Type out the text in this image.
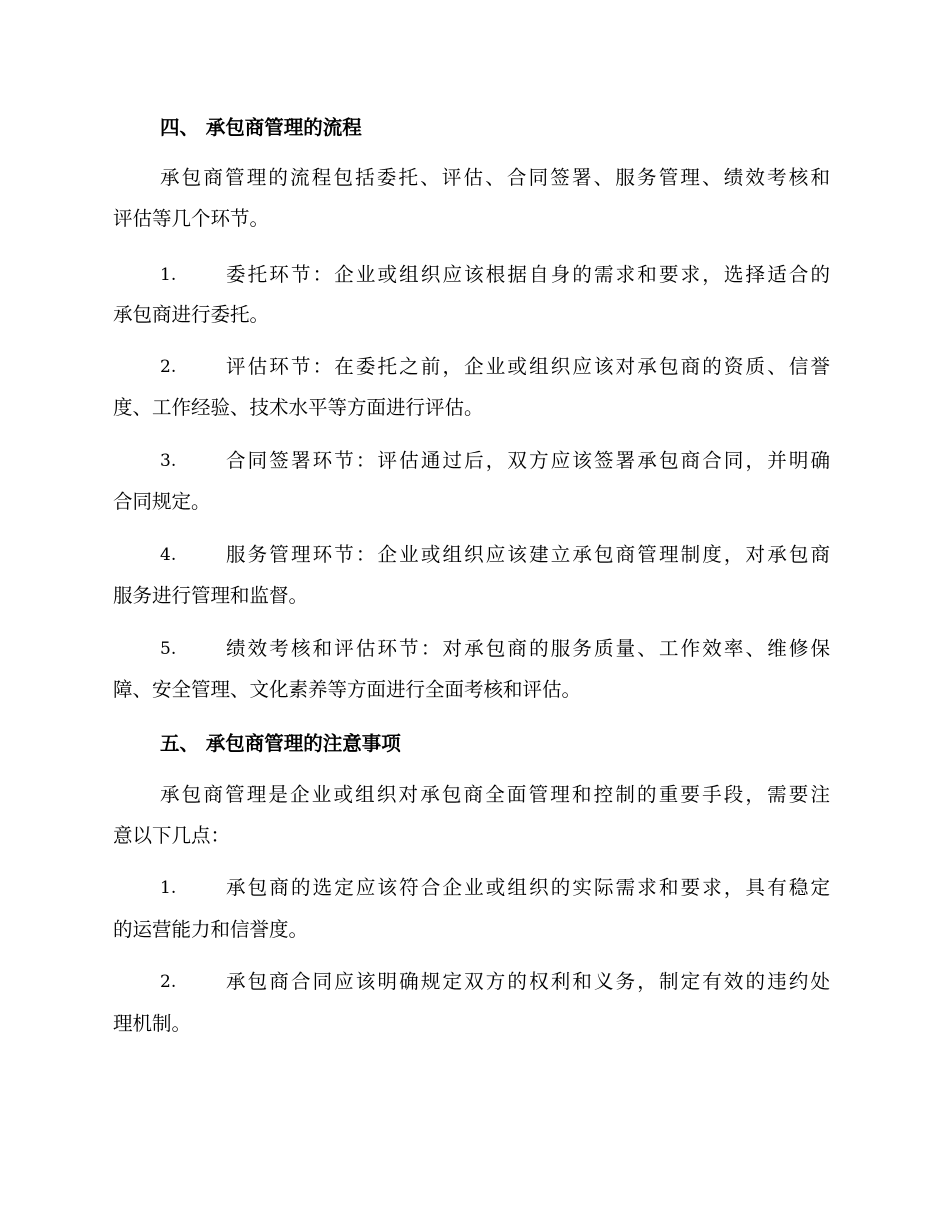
四、 承包商管理的流程
承包商管理的流程包括委托、评估、合同签署、服务管理、绩效考核和
评估等几个环节。
1.	委托环节：企业或组织应该根据自身的需求和要求，选择适合的
承包商进行委托。
2.	评估环节：在委托之前，企业或组织应该对承包商的资质、信誉
度、工作经验、技术水平等方面进行评估。
3.	合同签署环节：评估通过后，双方应该签署承包商合同，并明确
合同规定。
4.	服务管理环节：企业或组织应该建立承包商管理制度，对承包商
服务进行管理和监督。
5.	绩效考核和评估环节：对承包商的服务质量、工作效率、维修保
障、安全管理、文化素养等方面进行全面考核和评估。
五、 承包商管理的注意事项
承包商管理是企业或组织对承包商全面管理和控制的重要手段，需要注
意以下几点：
1.	承包商的选定应该符合企业或组织的实际需求和要求，具有稳定
的运营能力和信誉度。
2.	承包商合同应该明确规定双方的权利和义务，制定有效的违约处
理机制。
